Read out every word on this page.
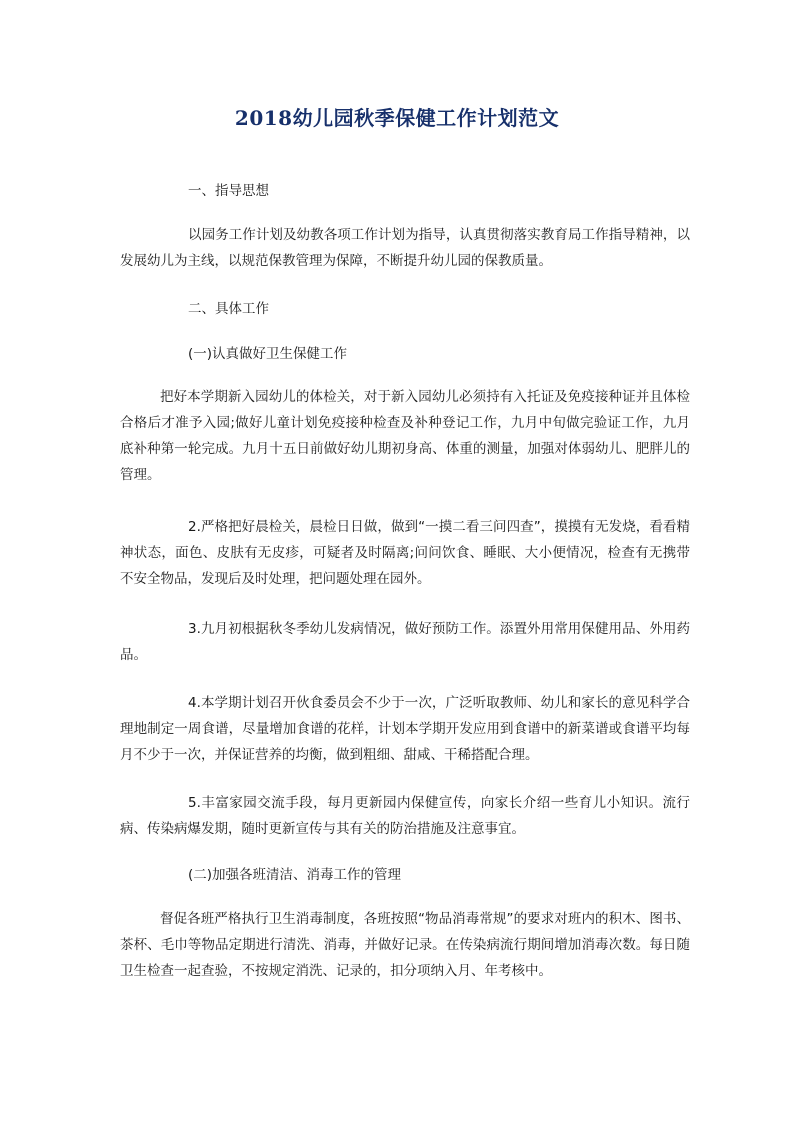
2018幼儿园秋季保健工作计划范文

一、指导思想

以园务工作计划及幼教各项工作计划为指导，认真贯彻落实教育局工作指导精神，以发展幼儿为主线，以规范保教管理为保障，不断提升幼儿园的保教质量。

二、具体工作

(一)认真做好卫生保健工作

把好本学期新入园幼儿的体检关，对于新入园幼儿必须持有入托证及免疫接种证并且体检合格后才准予入园;做好儿童计划免疫接种检查及补种登记工作，九月中旬做完验证工作，九月底补种第一轮完成。九月十五日前做好幼儿期初身高、体重的测量，加强对体弱幼儿、肥胖儿的管理。

2.严格把好晨检关，晨检日日做，做到“一摸二看三问四查”，摸摸有无发烧，看看精神状态，面色、皮肤有无皮疹，可疑者及时隔离;问问饮食、睡眠、大小便情况，检查有无携带不安全物品，发现后及时处理，把问题处理在园外。

3.九月初根据秋冬季幼儿发病情况，做好预防工作。添置外用常用保健用品、外用药品。

4.本学期计划召开伙食委员会不少于一次，广泛听取教师、幼儿和家长的意见科学合理地制定一周食谱，尽量增加食谱的花样，计划本学期开发应用到食谱中的新菜谱或食谱平均每月不少于一次，并保证营养的均衡，做到粗细、甜咸、干稀搭配合理。

5.丰富家园交流手段，每月更新园内保健宣传，向家长介绍一些育儿小知识。流行病、传染病爆发期，随时更新宣传与其有关的防治措施及注意事宜。

(二)加强各班清洁、消毒工作的管理

督促各班严格执行卫生消毒制度，各班按照“物品消毒常规”的要求对班内的积木、图书、茶杯、毛巾等物品定期进行清洗、消毒，并做好记录。在传染病流行期间增加消毒次数。每日随卫生检查一起查验，不按规定消洗、记录的，扣分项纳入月、年考核中。
